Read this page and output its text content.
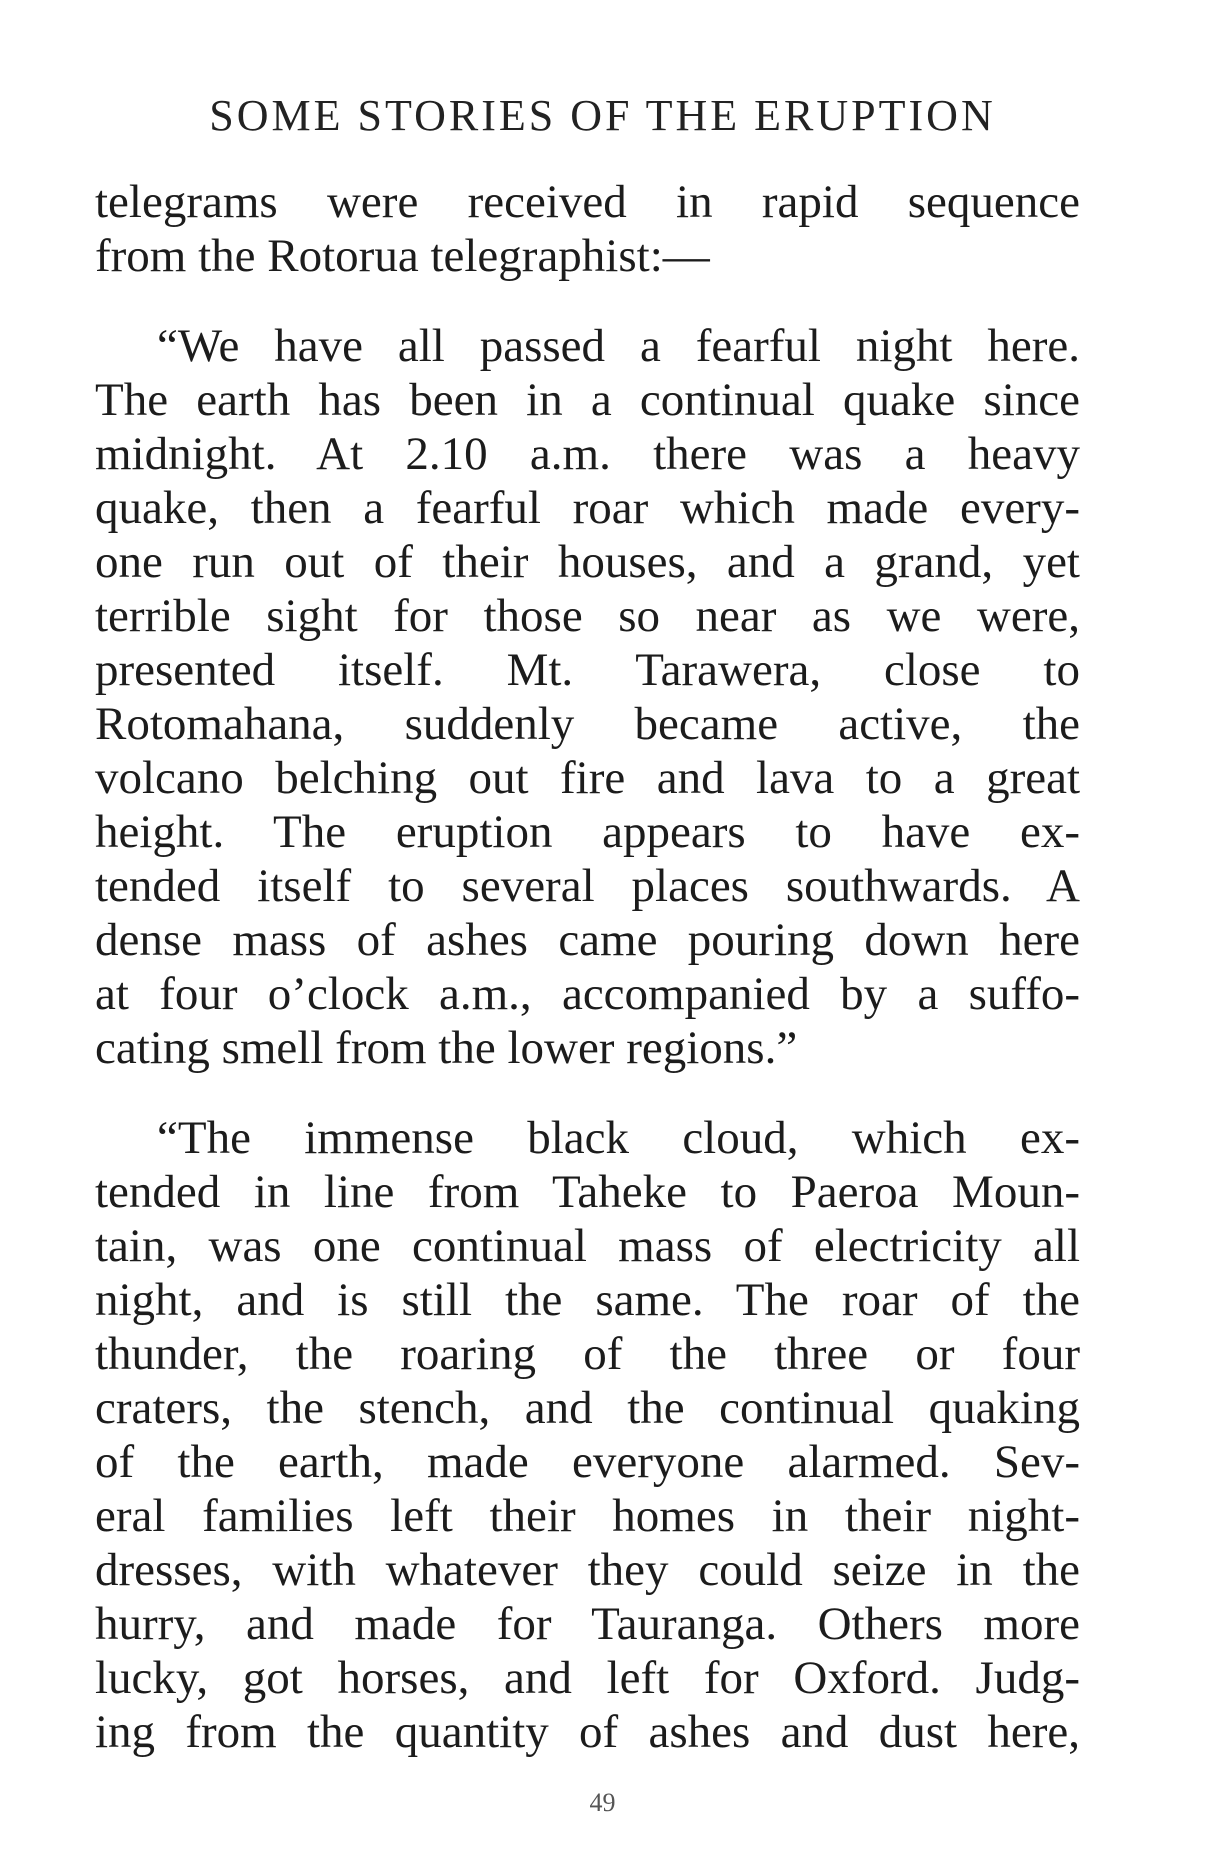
SOME STORIES OF THE ERUPTION
telegrams were received in rapid sequence
from the Rotorua telegraphist:—
“We have all passed a fearful night here.
The earth has been in a continual quake since
midnight. At 2.10 a.m. there was a heavy
quake, then a fearful roar which made every-
one run out of their houses, and a grand, yet
terrible sight for those so near as we were,
presented itself. Mt. Tarawera, close to
Rotomahana, suddenly became active, the
volcano belching out fire and lava to a great
height. The eruption appears to have ex-
tended itself to several places southwards. A
dense mass of ashes came pouring down here
at four o’clock a.m., accompanied by a suffo-
cating smell from the lower regions.”
“The immense black cloud, which ex-
tended in line from Taheke to Paeroa Moun-
tain, was one continual mass of electricity all
night, and is still the same. The roar of the
thunder, the roaring of the three or four
craters, the stench, and the continual quaking
of the earth, made everyone alarmed. Sev-
eral families left their homes in their night-
dresses, with whatever they could seize in the
hurry, and made for Tauranga. Others more
lucky, got horses, and left for Oxford. Judg-
ing from the quantity of ashes and dust here,
49
